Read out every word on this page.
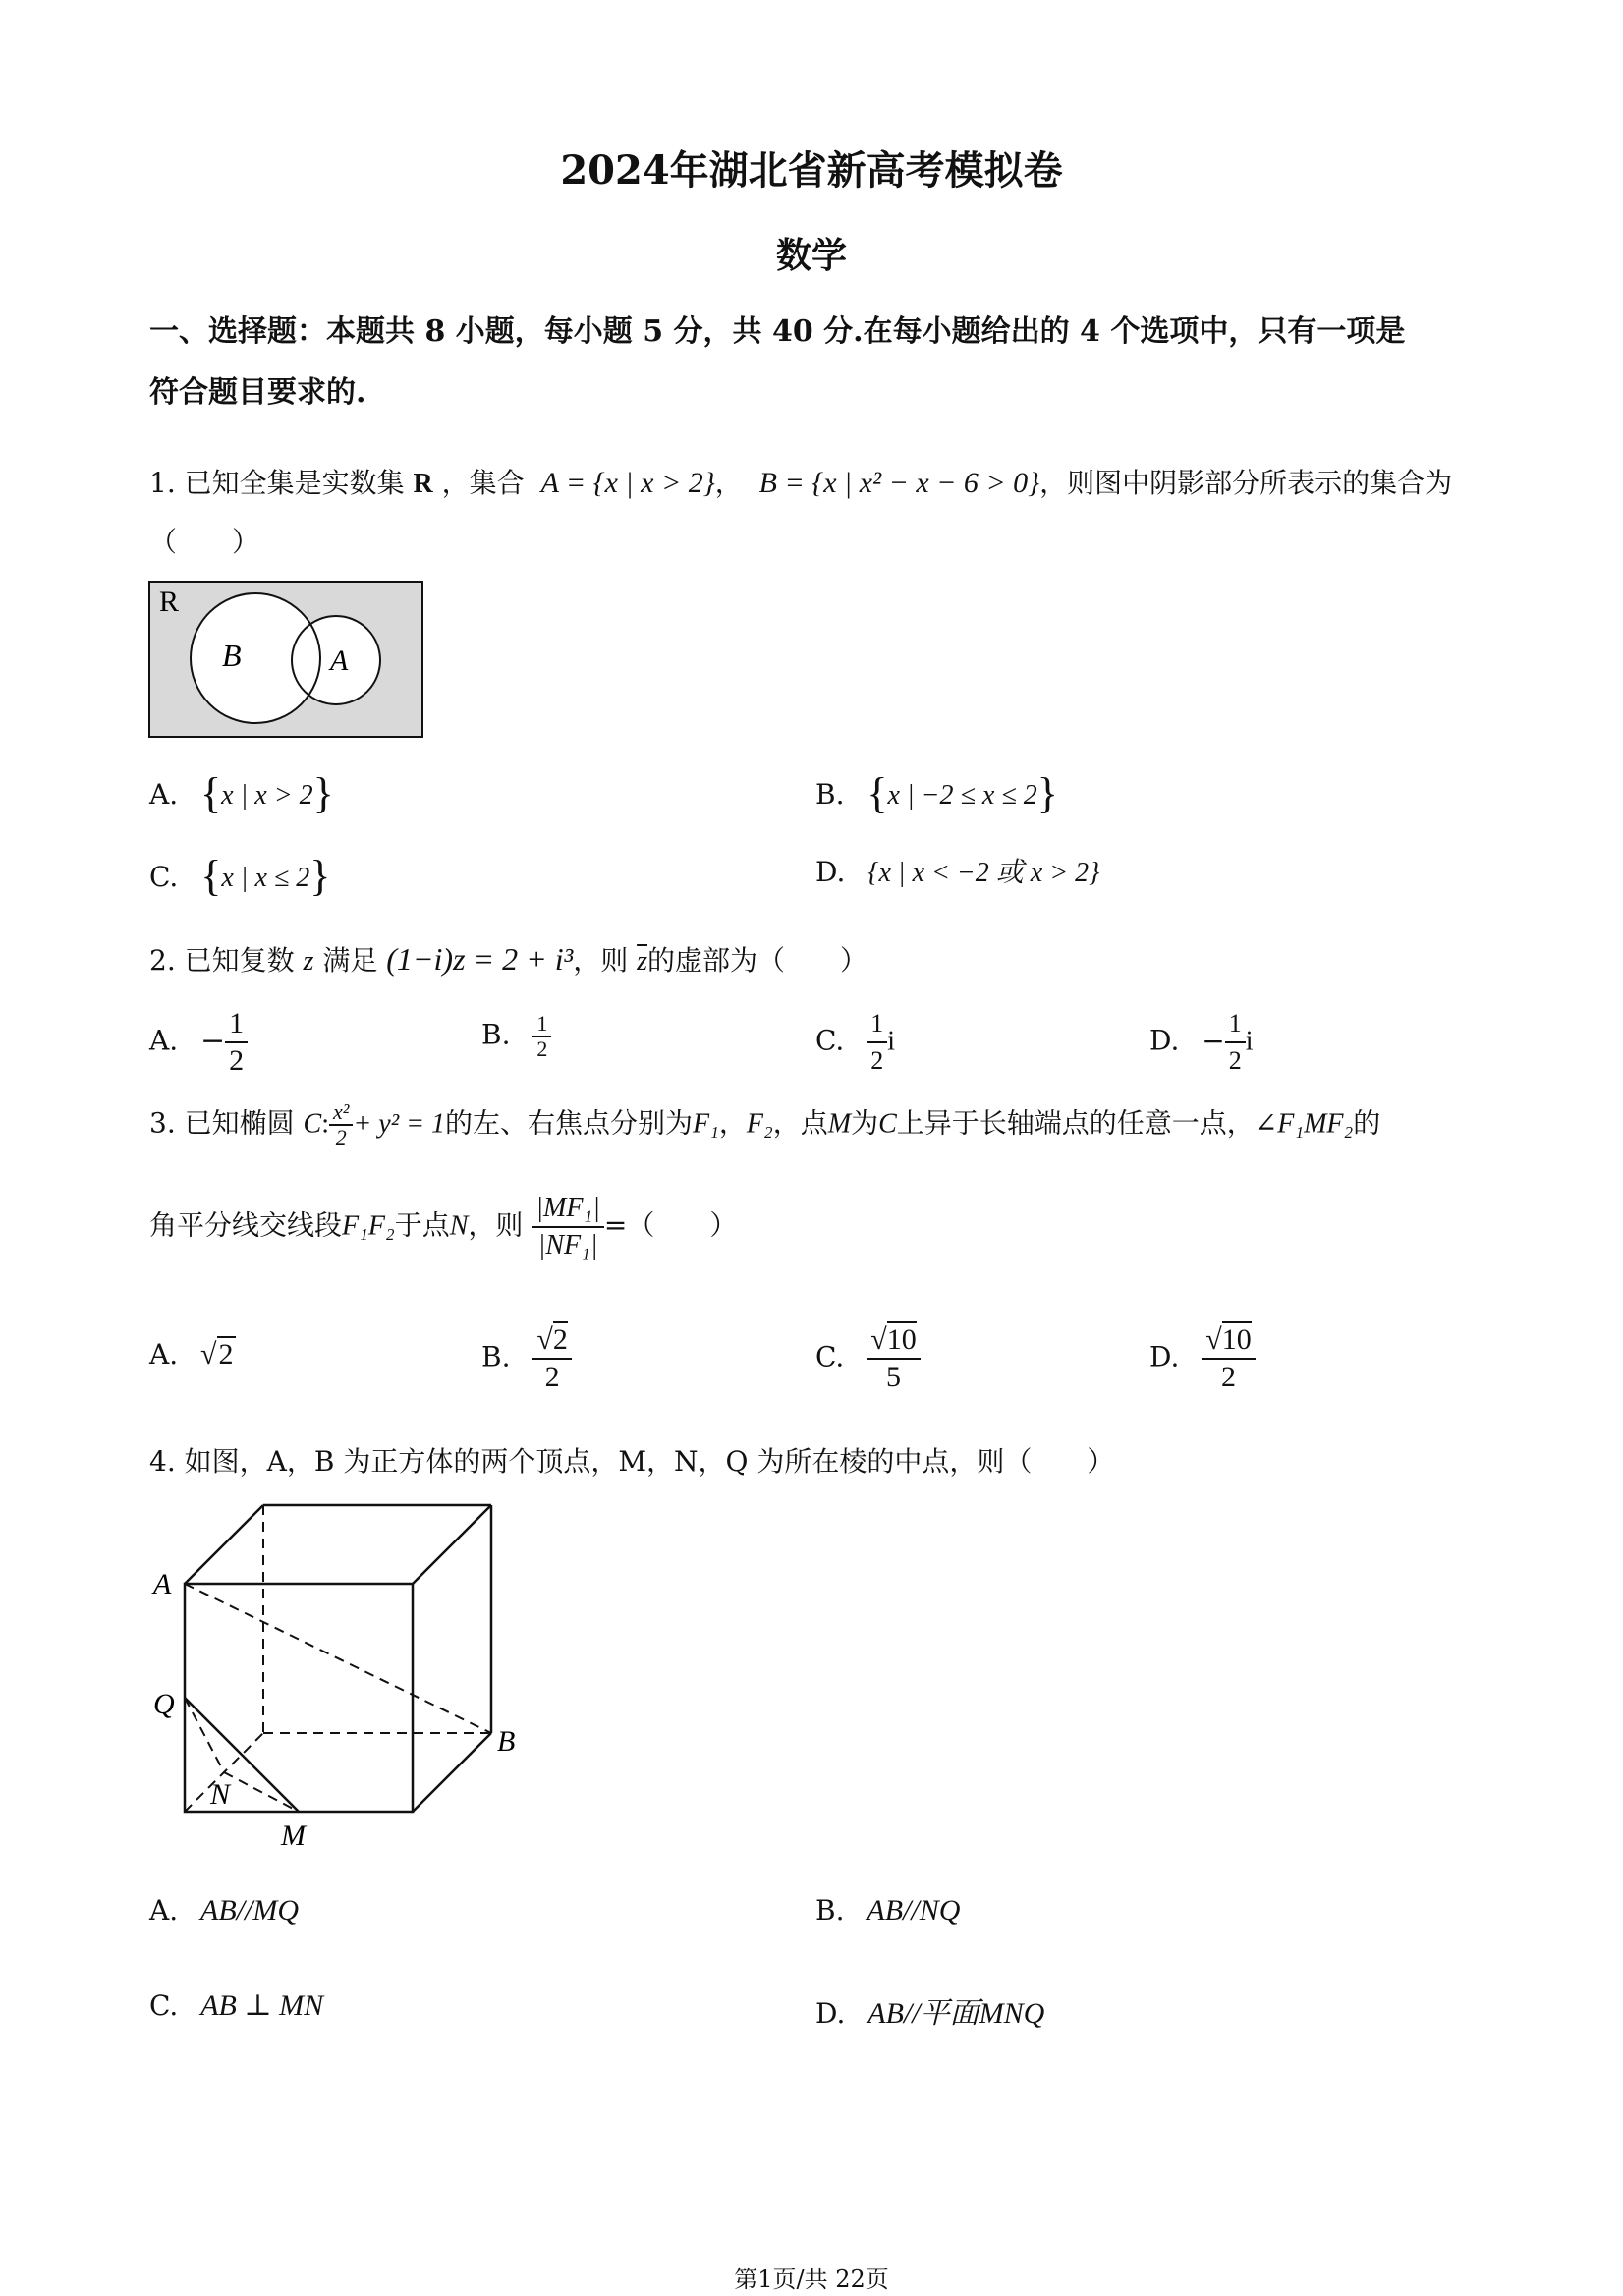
2024年湖北省新高考模拟卷
数学
一、选择题：本题共 8 小题，每小题 5 分，共 40 分.在每小题给出的 4 个选项中，只有一项是
符合题目要求的.
1. 已知全集是实数集 R ，集合 A = {x | x > 2}， B = {x | x² − x − 6 > 0}，则图中阴影部分所表示的集合为
（　　）
R
B	A
A. {x | x > 2}	B. {x | −2 ≤ x ≤ 2}
C. {x | x ≤ 2}	D. {x | x < −2 或 x > 2}
2. 已知复数 z 满足 (1−i)z = 2 + i³，则 $\overline{z}$的虚部为（　　）
A. − $\frac{1}{2}$	B. $\frac{1}{2}$	C. $\frac{1}{2}$ i	D. − $\frac{1}{2}$ i
3. 已知椭圆 C: $\frac{\text{x²}}{2} + y^2 = 1$的左、右焦点分别为F₁，F₂，点M为C上异于长轴端点的任意一点，∠F₁MF₂的
角平分线交线段F₁F₂于点N，则 $\frac{\text{|MF₁|}}{\text{|NF₁|}}$ =（　　）
A. √2	B. $\frac{√2}{2}$	C. $\frac{√10}{5}$	D. $\frac{√10}{2}$
4. 如图，A，B 为正方体的两个顶点，M，N，Q 为所在棱的中点，则（　　）
A
B
Q
N
M
A. AB//MQ	B. AB//NQ
C. AB ⊥ MN	D. AB//平面MNQ
第1页/共 22页
